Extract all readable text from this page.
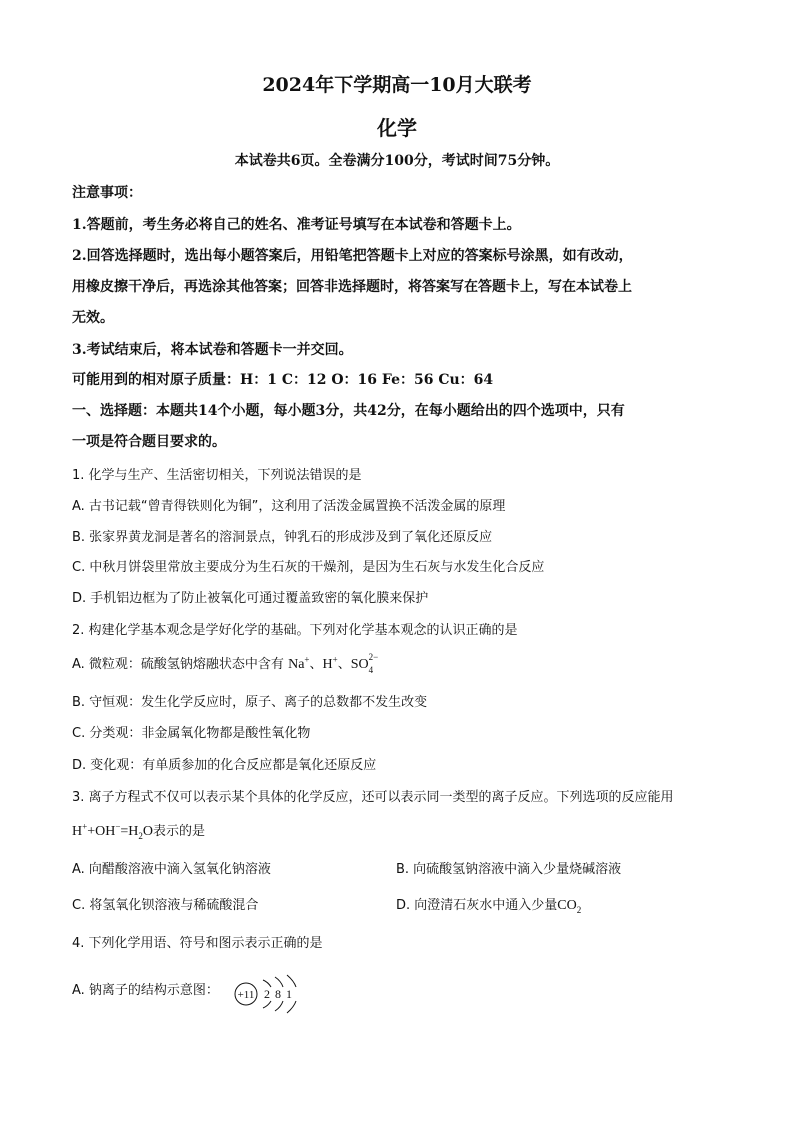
2024年下学期高一10月大联考
化学
本试卷共6页。全卷满分100分，考试时间75分钟。
注意事项：
1.答题前，考生务必将自己的姓名、准考证号填写在本试卷和答题卡上。
2.回答选择题时，选出每小题答案后，用铅笔把答题卡上对应的答案标号涂黑，如有改动，
用橡皮擦干净后，再选涂其他答案；回答非选择题时，将答案写在答题卡上，写在本试卷上
无效。
3.考试结束后，将本试卷和答题卡一并交回。
可能用到的相对原子质量：H：1 C：12 O：16 Fe：56 Cu：64
一、选择题：本题共14个小题，每小题3分，共42分，在每小题给出的四个选项中，只有
一项是符合题目要求的。
1. 化学与生产、生活密切相关，下列说法错误的是
A. 古书记载“曾青得铁则化为铜”，这利用了活泼金属置换不活泼金属的原理
B. 张家界黄龙洞是著名的溶洞景点，钟乳石的形成涉及到了氧化还原反应
C. 中秋月饼袋里常放主要成分为生石灰的干燥剂，是因为生石灰与水发生化合反应
D. 手机铝边框为了防止被氧化可通过覆盖致密的氧化膜来保护
2. 构建化学基本观念是学好化学的基础。下列对化学基本观念的认识正确的是
A. 微粒观：硫酸氢钠熔融状态中含有 Na+、H+、SO 2−
4
B. 守恒观：发生化学反应时，原子、离子的总数都不发生改变
C. 分类观：非金属氧化物都是酸性氧化物
D. 变化观：有单质参加的化合反应都是氧化还原反应
3. 离子方程式不仅可以表示某个具体的化学反应，还可以表示同一类型的离子反应。下列选项的反应能用
$H^++OH^-=H_2O$表示的是
A. 向醋酸溶液中滴入氢氧化钠溶液	B. 向硫酸氢钠溶液中滴入少量烧碱溶液
C. 将氢氧化钡溶液与稀硫酸混合	D. 向澄清石灰水中通入少量$CO_2$
4. 下列化学用语、符号和图示表示正确的是
A. 钠离子的结构示意图：	+11 2 8 1
